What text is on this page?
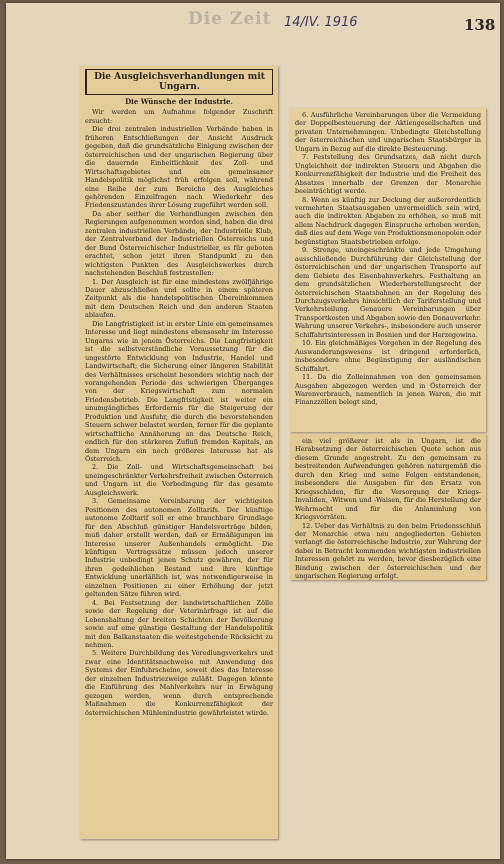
Die Zeit 14/IV. 1916	138
Die Ausgleichsverhandlungen mit Ungarn.
Die Wünsche der Industrie.

Wir werden um Aufnahme folgender Zuschrift ersucht:

Die drei zentralen industriellen Verbände haben in früheren Entschließungen der Ansicht Ausdruck gegeben, daß die grundsätzliche Einigung zwischen der österreichischen und der ungarischen Regierung über die dauernde Einheitlichkeit des Zoll- und Wirtschaftsgebietes und ein gemeinsamer Handelspolitik möglichst früh erfolgen soll, während eine Reihe der zum Bereiche des Ausgleiches gehörenden Einzelfragen nach Wiederkehr des Friedenszustandes ihrer Lösung zugeführt werden soll.

Da aber seither die Verhandlungen zwischen den Regierungen aufgenommen worden sind, haben die drei zentralen industriellen Verbände, der Industrielle Klub, der Zentralverband der Industriellen Österreichs und der Bund Österreichischer Industrieller, es für geboten erachtet, schon jetzt ihren Standpunkt zu den wichtigsten Punkten des Ausgleichswerkes durch nachstehenden Beschluß festzustellen:

1. Der Ausgleich ist für eine mindestens zwölfjährige Dauer abzuschließen und sollte in einem späteren Zeitpunkt als die handelspolitischen Übereinkommen mit dem Deutschen Reich und den anderen Staaten ablaufen.

Die Langfristigkeit ist in erster Linie ein gemeinsames Interesse und liegt mindestens ebensosehr im Interesse Ungarns wie in jenem Österreichs. Die Langfristigkeit ist die selbstverständliche Voraussetzung für die ungestörte Entwicklung von Industrie, Handel und Landwirtschaft; die Sicherung einer längeren Stabilität des Verhältnisses erscheint besonders wichtig nach der vorangehenden Periode des schwierigen Überganges von der Kriegswirtschaft zum normalen Friedensbetrieb. Die Langfristigkeit ist weiter ein unumgängliches Erfordernis für die Steigerung der Produktion und Ausfuhr, die durch die bevorstehenden Steuern schwer belastet werden, ferner für die geplante wirtschaftliche Annäherung an das Deutsche Reich, endlich für den stärkeren Zufluß fremden Kapitals, an dem Ungarn ein noch größeres Interesse hat als Österreich.

2. Die Zoll- und Wirtschaftsgemeinschaft bei uneingeschränkter Verkehrsfreiheit zwischen Österreich und Ungarn ist die Vorbedingung für das gesamte Ausgleichswerk.

3. Gemeinsame Vereinbarung der wichtigsten Positionen des autonomen Zolltarifs. Der künftige autonome Zolltarif soll er eine brauchbare Grundlage für den Abschluß günstiger Handelsverträge bilden, muß daher erstellt werden, daß er Ermäßigungen im Interesse unserer Außenhandels ermöglicht. Die künftigen Vertragssätze müssen jedoch unserer Industrie unbedingt jenen Schutz gewähren, der für ihren gedeihlichen Bestand und ihre künftige Entwicklung unerläßlich ist, was notwendigerweise in einzelnen Positionen zu einer Erhöhung der jetzt geltenden Sätze führen wird.

4. Bei Festsetzung der landwirtschaftlichen Zölle sowie der Regelung der Veterinärfrage ist auf die Lebenshaltung der breiten Schichten der Bevölkerung sowie auf eine günstige Gestaltung der Handelspolitik mit den Balkanstaaten die weitestgehende Rücksicht zu nehmen.

5. Weitere Durchbildung des Veredlungsverkehrs und zwar eine Identitätsnachweise mit Anwendung des Systems der Einfuhrscheine, soweit dies das Interesse der einzelnen Industriezweige zuläßt. Dagegen könnte die Einführung des Mahlverkehrs nur in Erwägung gezogen werden, wenn durch entsprechende Maßnahmen die Konkurrenzfähigkeit der österreichischen Mühlenindustrie gewährleistet würde.

6. Ausführliche Vereinbarungen über die Vermeidung der Doppelbesteuerung der Aktiengesellschaften und privaten Unternehmungen. Unbedingte Gleichstellung der österreichischen und ungarischen Staatsbürger in Ungarn in Bezug auf die direkte Besteuerung.

7. Feststellung des Grundsatzes, daß nicht durch Ungleichheit der indirekten Steuern und Abgaben die Konkurrenzfähigkeit der Industrie und die Freiheit des Absatzes innerhalb der Grenzen der Monarchie beeinträchtigt werde.

8. Wenn es künftig zur Deckung der außerordentlich vermehrten Staatsausgaben unvermeidlich sein wird, auch die indirekten Abgaben zu erhöhen, so muß mit allem Nachdruck dagegen Einspruche erhoben werden, daß dies auf dem Wege von Produktionsmonopolen oder begünstigten Staatsbetrieben erfolge.

9. Strenge, uneingeschränkte und jede Umgehung ausschließende Durchführung der Gleichstellung der österreichischen und der ungarischen Transporte auf dem Gebiete des Eisenbahnverkehrs. Festhaltung an dem grundsätzlichen Wiederherstellungsrecht der österreichischen Staatsbahnen an der Regelung des Durchzugsverkehrs hinsichtlich der Tariferstellung und Verkehrsteilung. Genauere Vereinbarungen über Transportkosten und Abgaben sowie den Donauverkehr. Wahrung unserer Verkehrs-, insbesondere auch unserer Schiffahrtsinteressen in Bosnien und der Herzegowina.

10. Ein gleichmäßiges Vorgehen in der Regelung des Auswanderungswesens ist dringend erforderlich, insbesondere ohne Begünstigung der ausländischen Schiffahrt.

11. Da die Zolleinnahmen von den gemeinsamen Ausgaben abgezogen werden und in Österreich der Warenverbrauch, namentlich in jenen Waren, die mit Finanzzöllen belegt sind,

ein viel größerer ist als in Ungarn, ist die Herabsetzung der österreichischen Quote schon aus diesem Grunde angestrebt. Zu den gemeinsam zu bestreitenden Aufwendungen gehören naturgemäß die durch den Krieg und seine Folgen entstandenen, insbesondere die Ausgaben für den Ersatz von Kriegsschäden, für die Versorgung der Kriegs-Invaliden, -Witwen und -Waisen, für die Herstellung der Wehrmacht und für die Anlammlung von Kriegsvorräten.

12. Ueber das Verhältnis zu den beim Friedensschluß der Monarchie etwa neu angegliederten Gebieten verlangt die österreichische Industrie, zur Wahrung der dabei in Betracht kommenden wichtigsten industriellen Interessen gehört zu werden, bevor diesbezüglich eine Bindung zwischen der österreichischen und der ungarischen Regierung erfolgt.
